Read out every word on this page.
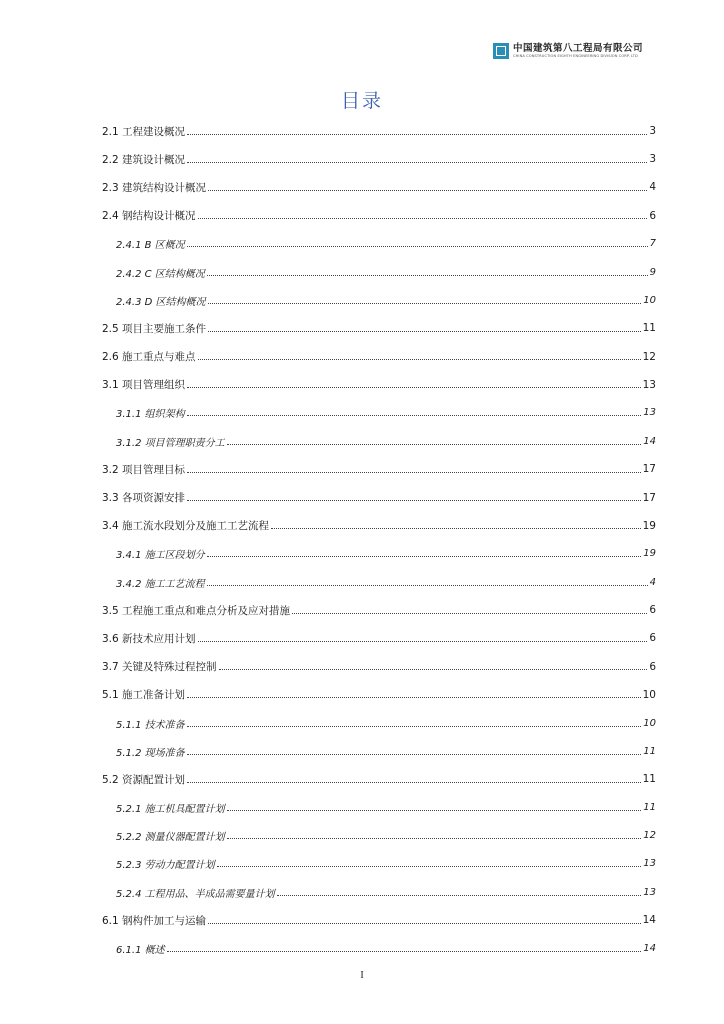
中国建筑第八工程局有限公司
CHINA CONSTRUCTION EIGHTH ENGINEERING DIVISION CORP. LTD
目录
2.1 工程建设概况	3
2.2 建筑设计概况	3
2.3 建筑结构设计概况	4
2.4 钢结构设计概况	6
2.4.1 B 区概况	7
2.4.2 C 区结构概况	9
2.4.3 D 区结构概况	10
2.5 项目主要施工条件	11
2.6 施工重点与难点	12
3.1 项目管理组织	13
3.1.1 组织架构	13
3.1.2 项目管理职责分工	14
3.2 项目管理目标	17
3.3 各项资源安排	17
3.4 施工流水段划分及施工工艺流程	19
3.4.1 施工区段划分	19
3.4.2 施工工艺流程	4
3.5 工程施工重点和难点分析及应对措施	6
3.6 新技术应用计划	6
3.7 关键及特殊过程控制	6
5.1 施工准备计划	10
5.1.1 技术准备	10
5.1.2 现场准备	11
5.2 资源配置计划	11
5.2.1 施工机具配置计划	11
5.2.2 测量仪器配置计划	12
5.2.3 劳动力配置计划	13
5.2.4 工程用品、半成品需要量计划	13
6.1 钢构件加工与运输	14
6.1.1 概述	14
I
